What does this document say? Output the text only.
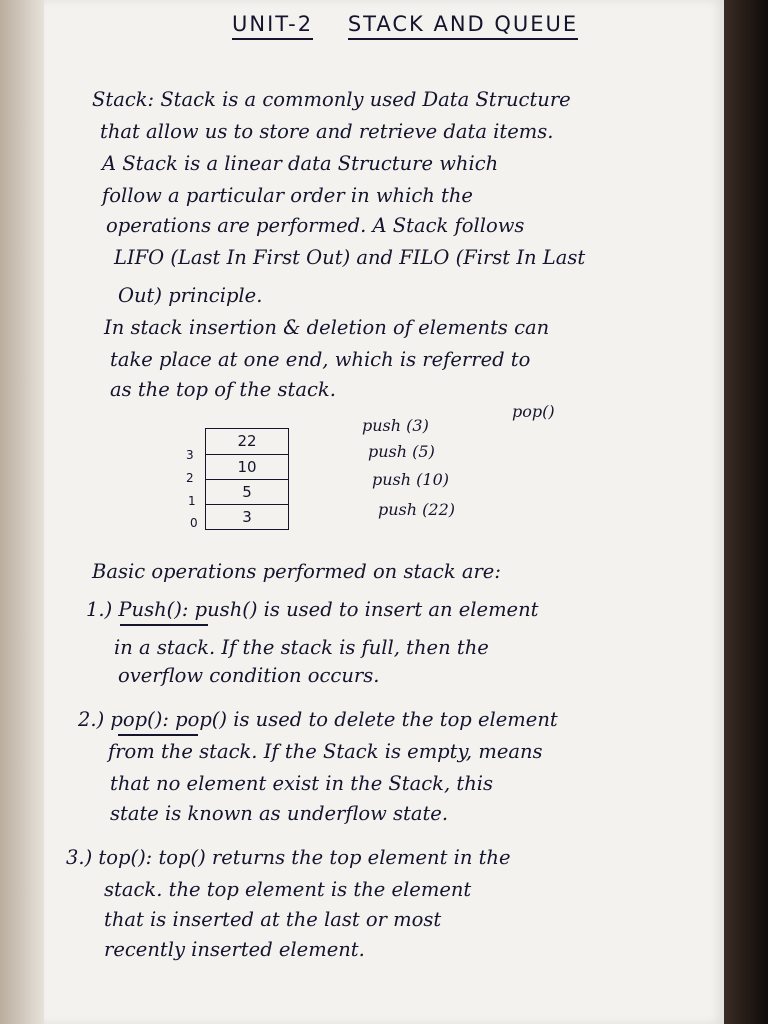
UNIT-2 STACK AND QUEUE
Stack: Stack is a commonly used Data Structure
that allow us to store and retrieve data items.
A Stack is a linear data Structure which
follow a particular order in which the
operations are performed. A Stack follows
LIFO (Last In First Out) and FILO (First In Last
Out) principle.
In stack insertion & deletion of elements can
take place at one end, which is referred to
as the top of the stack.
22
10
5
3
3
2
1
0
push (3)
push (5)
push (10)
push (22)
pop()
Basic operations performed on stack are:
1.) Push(): push() is used to insert an element
in a stack. If the stack is full, then the
overflow condition occurs.
2.) pop(): pop() is used to delete the top element
from the stack. If the Stack is empty, means
that no element exist in the Stack, this
state is known as underflow state.
3.) top(): top() returns the top element in the
stack. the top element is the element
that is inserted at the last or most
recently inserted element.
